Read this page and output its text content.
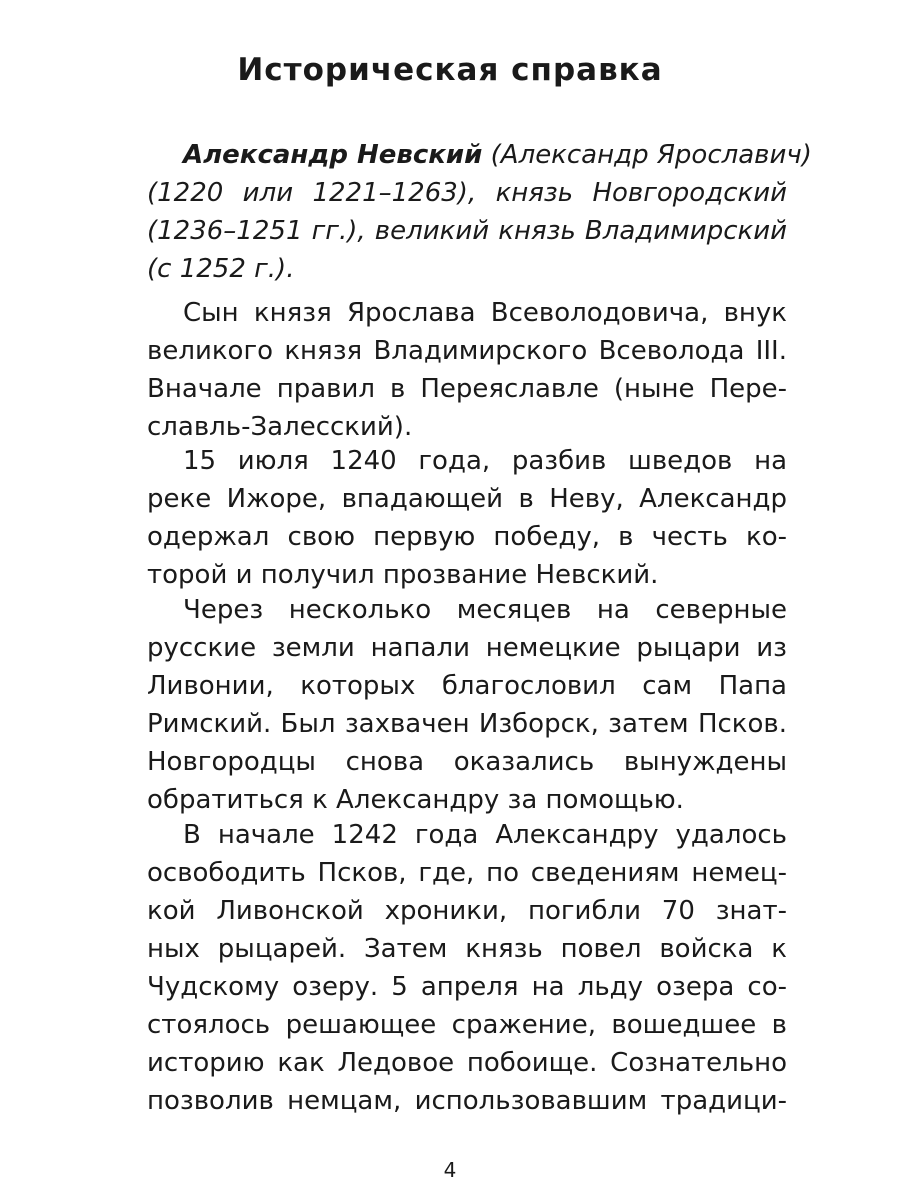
Историческая справка
Александр Невский (Александр Ярославич)
(1220 или 1221–1263), князь Новгородский
(1236–1251 гг.), великий князь Владимирский
(с 1252 г.).
Сын князя Ярослава Всеволодовича, внук
великого князя Владимирского Всеволода III.
Вначале правил в Переяславле (ныне Пере-
славль-Залесский).
15 июля 1240 года, разбив шведов на
реке Ижоре, впадающей в Неву, Александр
одержал свою первую победу, в честь ко-
торой и получил прозвание Невский.
Через несколько месяцев на северные
русские земли напали немецкие рыцари из
Ливонии, которых благословил сам Папа
Римский. Был захвачен Изборск, затем Псков.
Новгородцы снова оказались вынуждены
обратиться к Александру за помощью.
В начале 1242 года Александру удалось
освободить Псков, где, по сведениям немец-
кой Ливонской хроники, погибли 70 знат-
ных рыцарей. Затем князь повел войска к
Чудскому озеру. 5 апреля на льду озера со-
стоялось решающее сражение, вошедшее в
историю как Ледовое побоище. Сознательно
позволив немцам, использовавшим традици-
4
